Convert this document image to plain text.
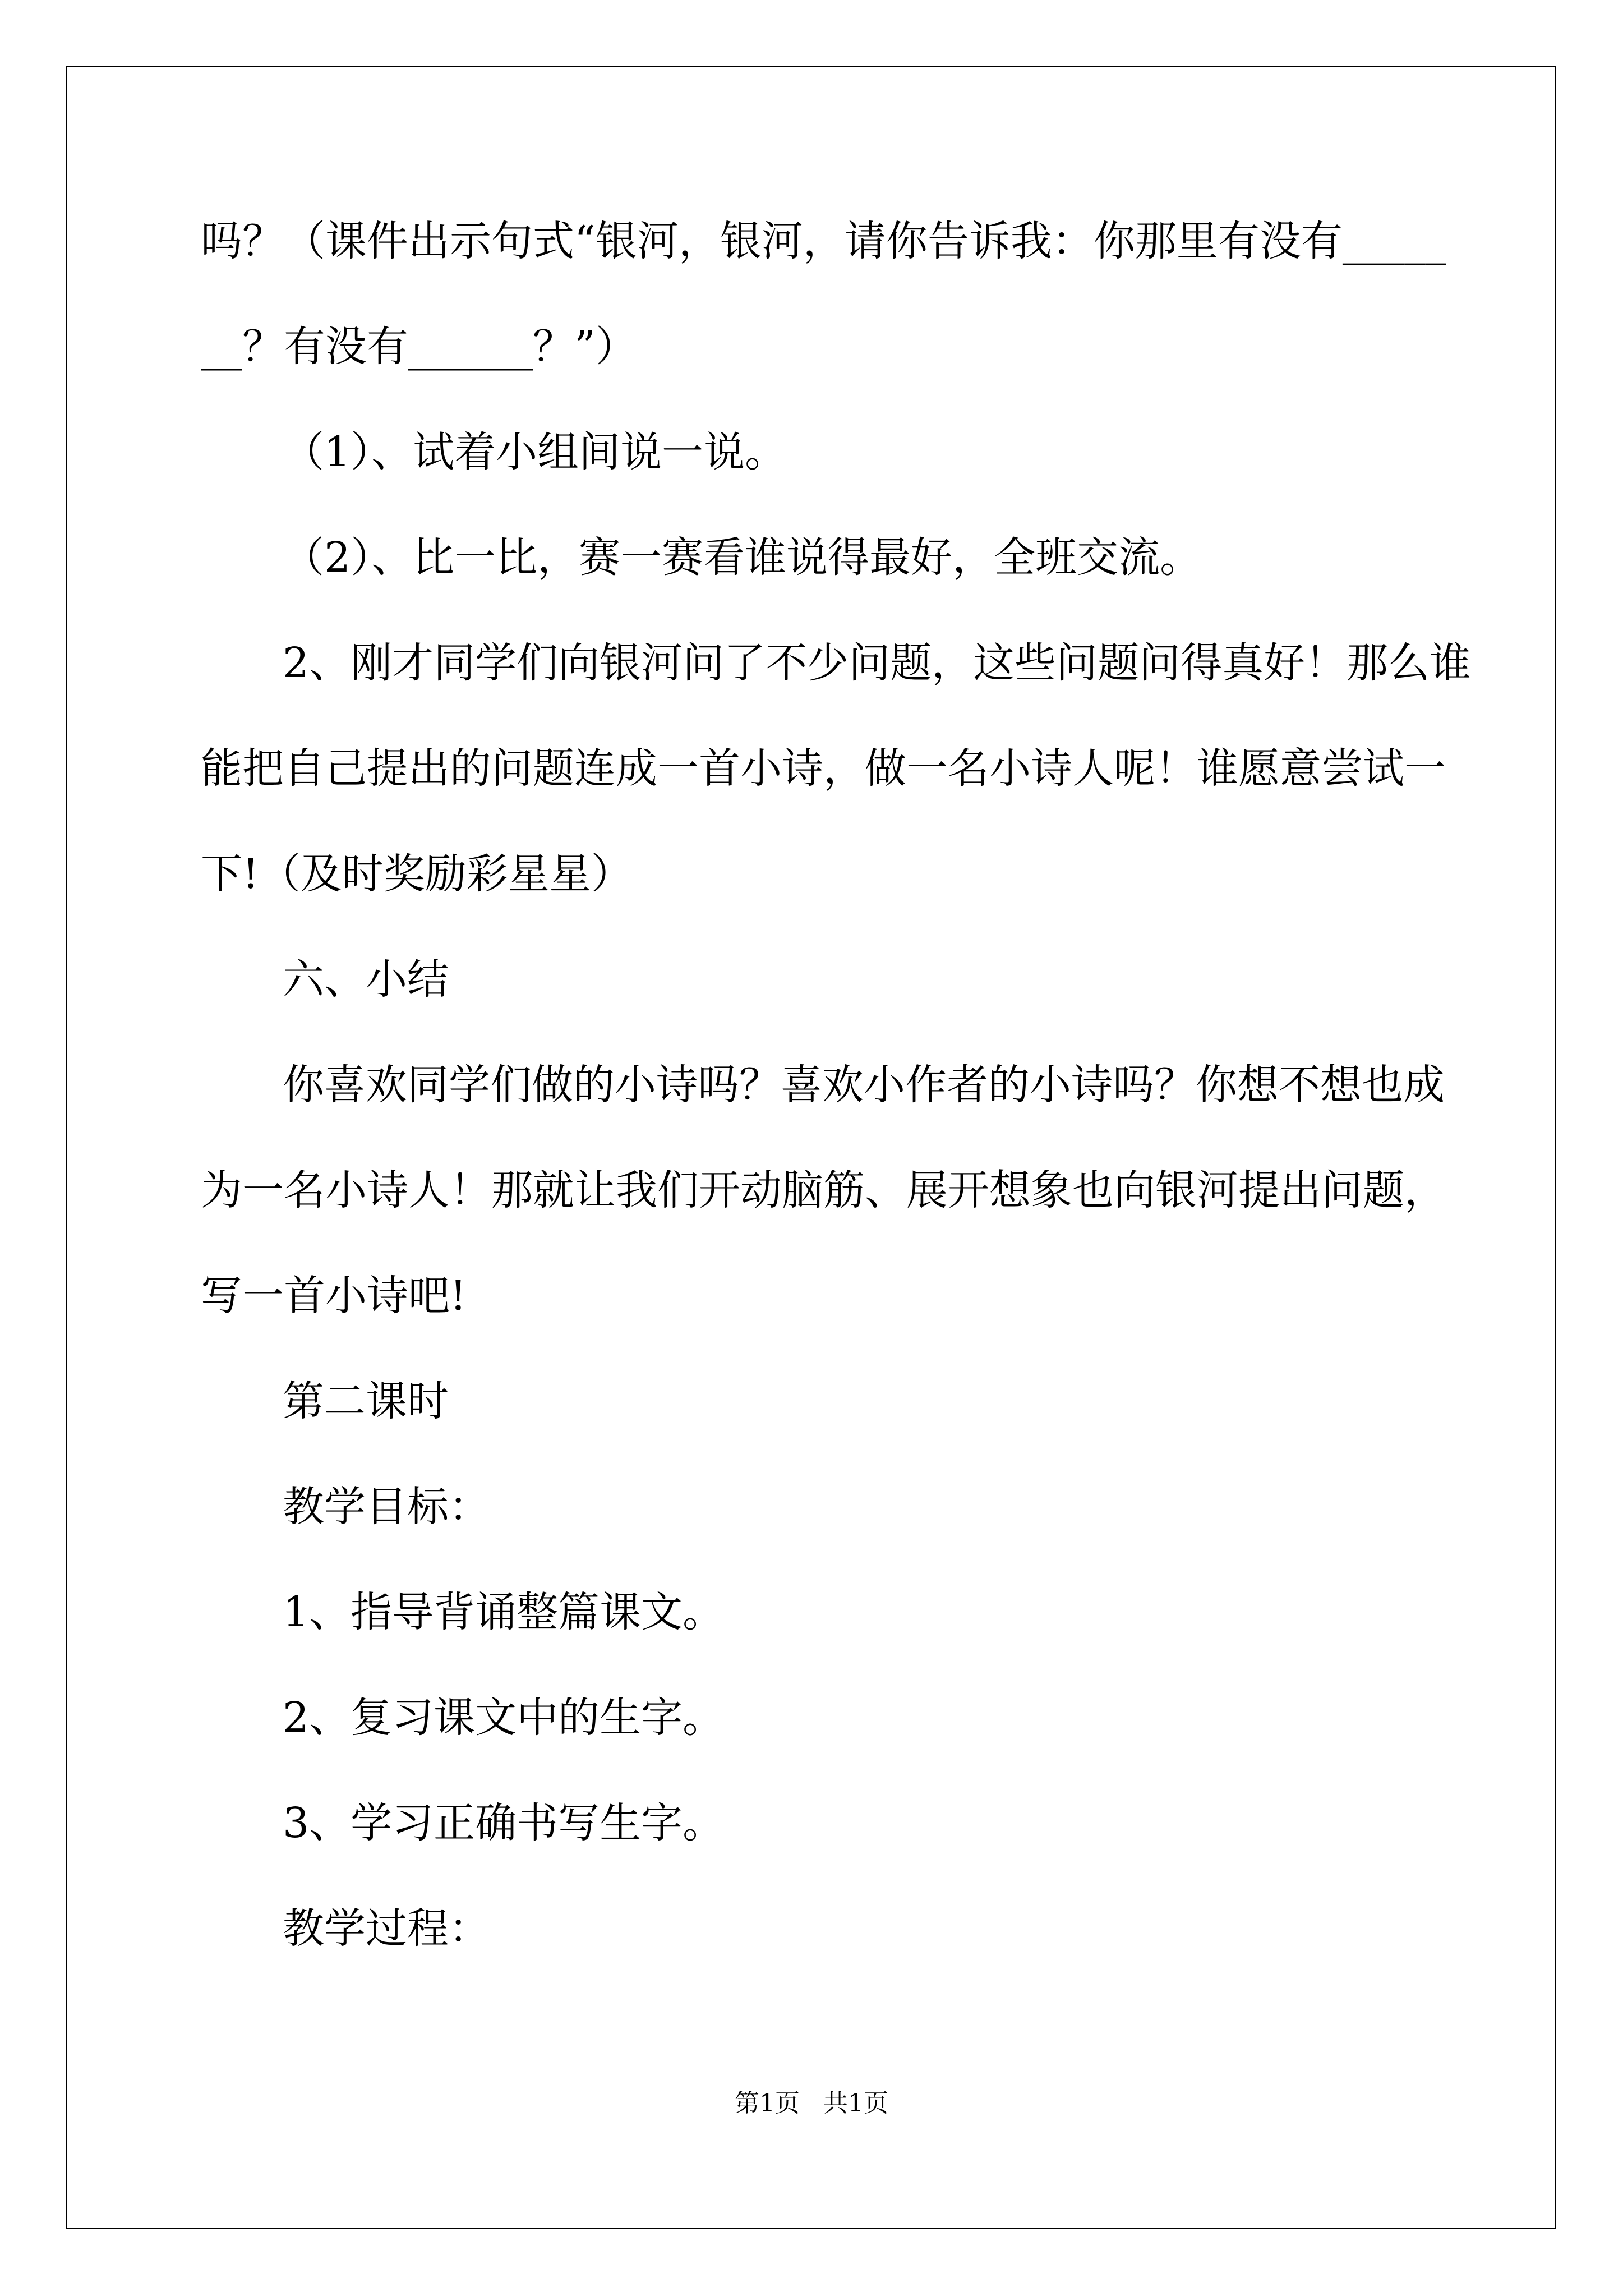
吗？（课件出示句式“银河，银河，请你告诉我：你那里有没有_____
__？有没有______？”）
（1）、试着小组间说一说。
（2）、比一比，赛一赛看谁说得最好，全班交流。
2、刚才同学们向银河问了不少问题，这些问题问得真好！那么谁
能把自己提出的问题连成一首小诗，做一名小诗人呢！谁愿意尝试一
下!（及时奖励彩星星）
六、小结
你喜欢同学们做的小诗吗？喜欢小作者的小诗吗？你想不想也成
为一名小诗人！那就让我们开动脑筋、展开想象也向银河提出问题，
写一首小诗吧!
第二课时
教学目标：
1、指导背诵整篇课文。
2、复习课文中的生字。
3、学习正确书写生字。
教学过程：
第1页   共1页
